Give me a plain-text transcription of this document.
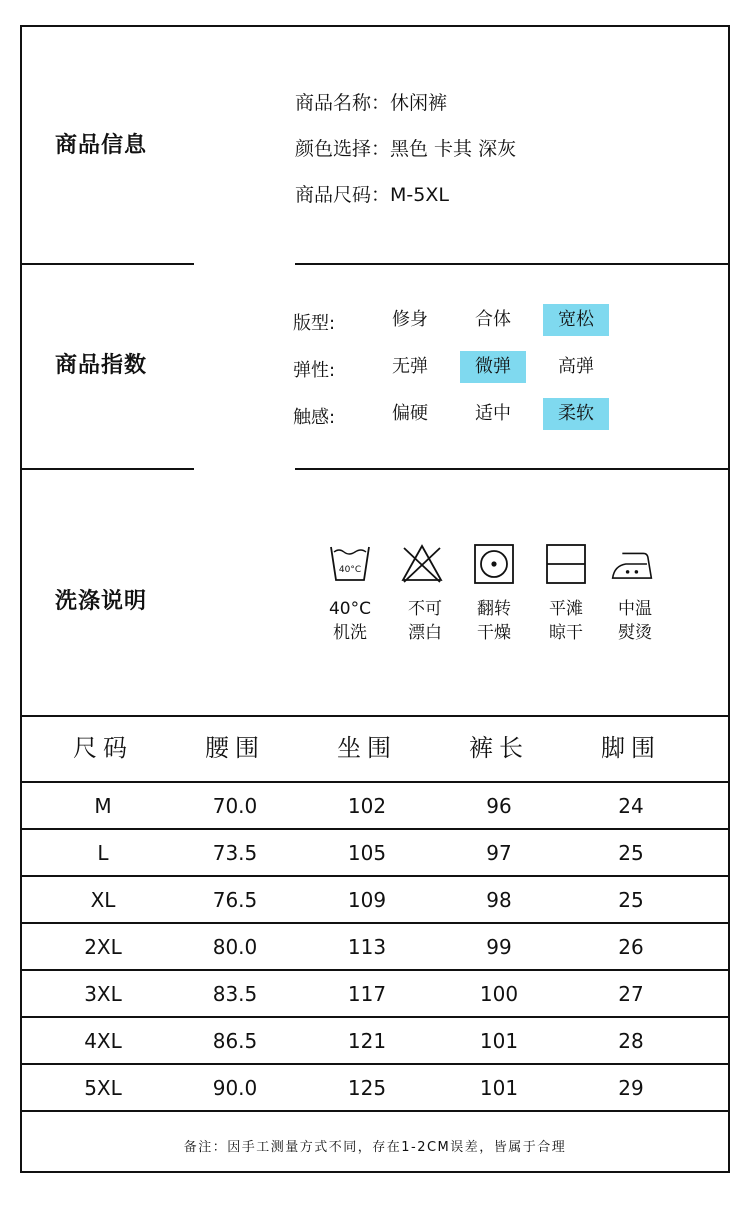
商品信息
商品名称：休闲裤
颜色选择：黑色 卡其 深灰
商品尺码：M-5XL
商品指数
版型:	修身	合体	宽松
弹性:	无弹	微弹	高弹
触感:	偏硬	适中	柔软
洗涤说明
40°C
40°C
机洗
不可
漂白
翻转
干燥
平滩
晾干
中温
熨烫
尺码	腰围	坐围	裤长	脚围
M	70.0	102	96	24
L	73.5	105	97	25
XL	76.5	109	98	25
2XL	80.0	113	99	26
3XL	83.5	117	100	27
4XL	86.5	121	101	28
5XL	90.0	125	101	29
备注：因手工测量方式不同，存在1-2CM误差，皆属于合理
